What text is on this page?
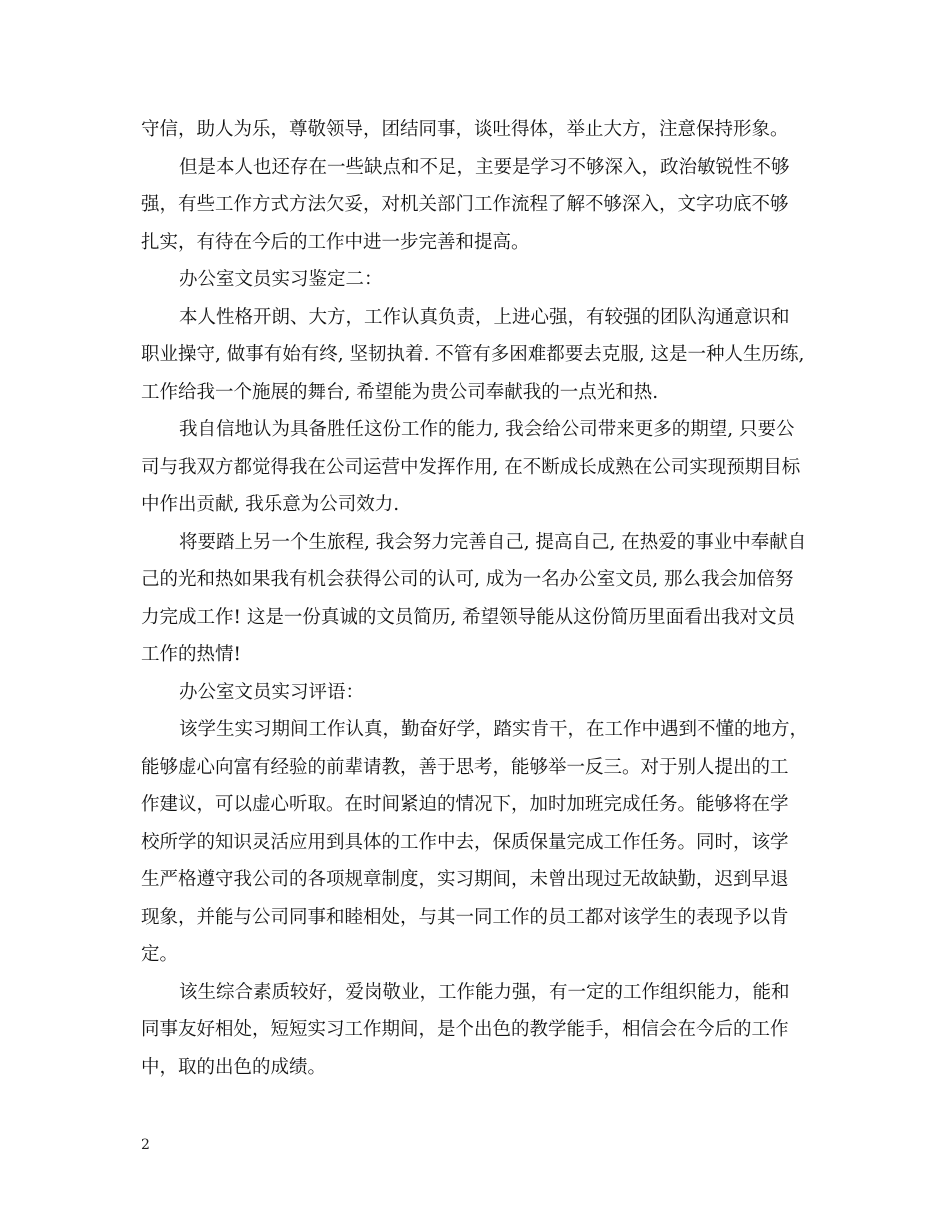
守信，助人为乐，尊敬领导，团结同事，谈吐得体，举止大方，注意保持形象。

但是本人也还存在一些缺点和不足，主要是学习不够深入，政治敏锐性不够

强，有些工作方式方法欠妥，对机关部门工作流程了解不够深入，文字功底不够

扎实，有待在今后的工作中进一步完善和提高。

办公室文员实习鉴定二：

本人性格开朗、大方，工作认真负责，上进心强，有较强的团队沟通意识和

职业操守, 做事有始有终, 坚韧执着. 不管有多困难都要去克服, 这是一种人生历练,

工作给我一个施展的舞台, 希望能为贵公司奉献我的一点光和热.

我自信地认为具备胜任这份工作的能力, 我会给公司带来更多的期望, 只要公

司与我双方都觉得我在公司运营中发挥作用, 在不断成长成熟在公司实现预期目标

中作出贡献, 我乐意为公司效力.

将要踏上另一个生旅程, 我会努力完善自己, 提高自己, 在热爱的事业中奉献自

己的光和热如果我有机会获得公司的认可, 成为一名办公室文员, 那么我会加倍努

力完成工作! 这是一份真诚的文员简历, 希望领导能从这份简历里面看出我对文员

工作的热情!

办公室文员实习评语：

该学生实习期间工作认真，勤奋好学，踏实肯干，在工作中遇到不懂的地方，

能够虚心向富有经验的前辈请教，善于思考，能够举一反三。对于别人提出的工

作建议，可以虚心听取。在时间紧迫的情况下，加时加班完成任务。能够将在学

校所学的知识灵活应用到具体的工作中去，保质保量完成工作任务。同时，该学

生严格遵守我公司的各项规章制度，实习期间，未曾出现过无故缺勤，迟到早退

现象，并能与公司同事和睦相处，与其一同工作的员工都对该学生的表现予以肯

定。

该生综合素质较好，爱岗敬业，工作能力强，有一定的工作组织能力，能和

同事友好相处，短短实习工作期间，是个出色的教学能手，相信会在今后的工作

中，取的出色的成绩。

2
